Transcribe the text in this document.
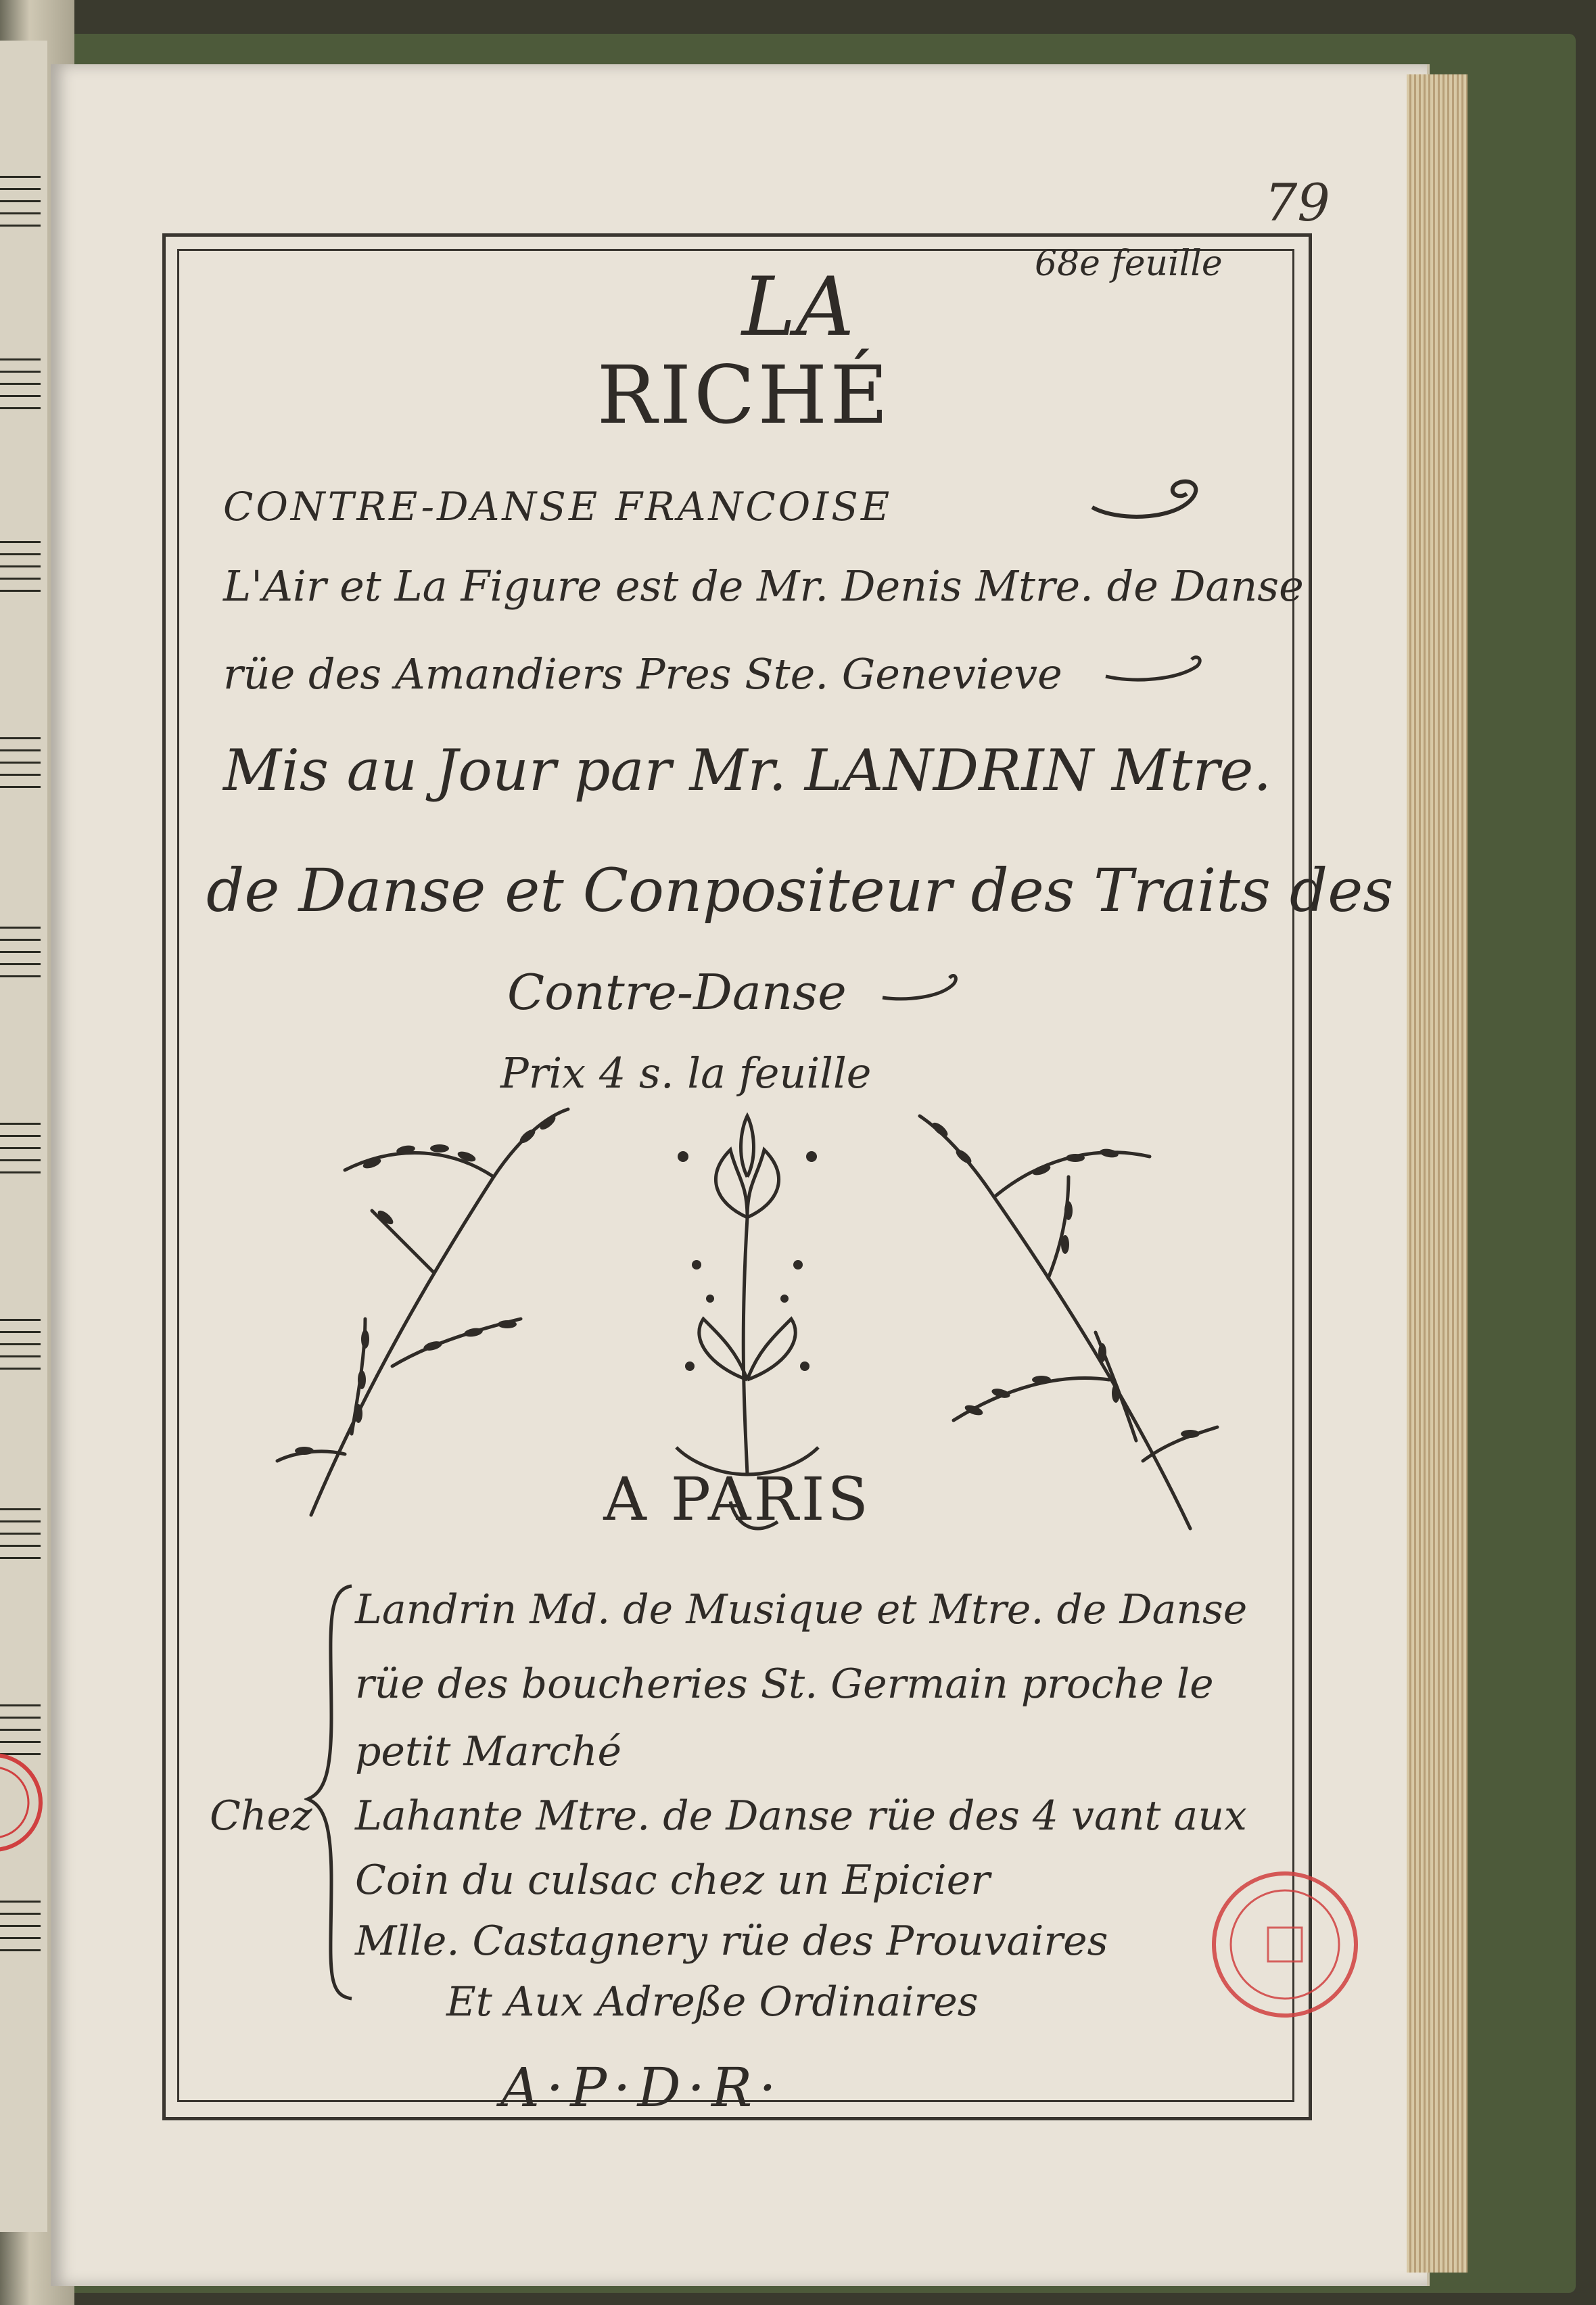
79
68e feuille
LA
RICHÉ
CONTRE-DANSE FRANCOISE
L'Air et La Figure est de Mr. Denis Mtre. de Danse
rüe des Amandiers Pres Ste. Genevieve
Mis au Jour par Mr. LANDRIN Mtre.
de Danse et Conpositeur des Traits des
Contre-Danse
Prix 4 s. la feuille
A PARIS
Chez
Landrin Md. de Musique et Mtre. de Danse
rüe des boucheries St. Germain proche le
petit Marché
Lahante Mtre. de Danse rüe des 4 vant aux
Coin du culsac chez un Epicier
Mlle. Castagnery rüe des Prouvaires
Et Aux Adreße Ordinaires
A·P·D·R·
